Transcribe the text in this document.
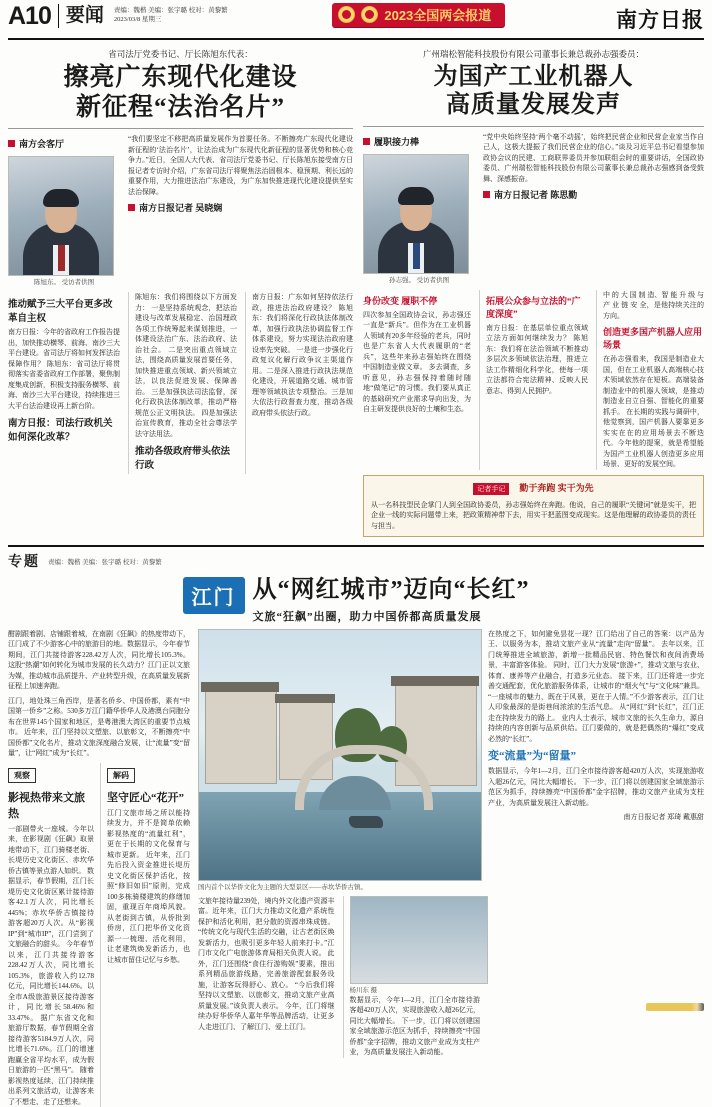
A10 要闻 责编：魏楷 美编：张宇璐 校对：黄黎繁
2023/03/8 星期三	2023全国两会报道	南方日报
省司法厅党委书记、厅长陈旭东代表：
擦亮广东现代化建设
新征程“法治名片”
南方会客厅
陈旭东。 受访者供图
“我们要坚定不移把高质量发展作为首要任务。不断擦亮广东现代化建设新征程的‘法治名片’，让法治成为广东现代化新征程的显著优势和核心竞争力。”近日，全国人大代表、省司法厅党委书记、厅长陈旭东接受南方日报记者专访时介绍，广东省司法厅将聚焦法治固根本、稳预期、利长远的重要作用，大力推进法治广东建设，为广东加快推进现代化建设提供坚实法治保障。
南方日报记者 吴晓娴
推动赋予三大平台更多改革自主权
南方日报：今年的省政府工作报告提出，加快推动横琴、前海、南沙三大平台建设。省司法厅将如何发挥法治保障作用？ 陈旭东：省司法厅将贯彻落实省委省政府工作部署，聚焦制度集成创新，积极支持服务横琴、前海、南沙三大平台建设，持续推进三大平台法治建设再上新台阶。
南方日报：司法行政机关如何深化改革？
陈旭东：我们将围绕以下方面发力： 一是坚持系统观念，把法治建设与改革发展稳定、治国理政各项工作统筹起来谋划推进，一体建设法治广东、法治政府、法治社会。 二是突出重点领域立法，围绕高质量发展首要任务，加快推进重点领域、新兴领域立法，以良法促进发展、保障善治。 三是加强执法司法监督，深化行政执法体制改革，推动严格规范公正文明执法。 四是加强法治宣传教育，推动全社会尊法学法守法用法。
推动各级政府带头依法行政
南方日报：广东如何坚持依法行政，推进法治政府建设？ 陈旭东：我们将深化行政执法体制改革，加强行政执法协调监督工作体系建设，努力实现法治政府建设率先突破。 一是进一步强化行政复议化解行政争议主渠道作用。二是深入推进行政执法规范化建设，开展道路交通、城市管理等领域执法专项整治。三是加大依法行政督查力度，推动各级政府带头依法行政。
广州瑞松智能科技股份有限公司董事长兼总裁孙志强委员：
为国产工业机器人
高质量发展发声
履职接力棒
孙志强。 受访者供图
“党中央始终坚持‘两个毫不动摇’，始终把民营企业和民营企业家当作自己人，这极大提振了我们民营企业的信心。”谈及习近平总书记看望参加政协会议的民建、工商联界委员并参加联组会时的重要讲话，全国政协委员、广州瑞松智能科技股份有限公司董事长兼总裁孙志强感到备受鼓舞、深感振奋。
南方日报记者 陈思勤
身份改变 履职不停
四次参加全国政协会议，孙志强还一直是“新兵”。但作为在工业机器人领域有20多年经验的老兵，同时也是广东省人大代表履职的“老兵”，这些年来孙志强始终在围绕中国制造业做文章。 多去调查，多听意见，孙志强保持着随时随地“做笔记”的习惯。我们要从真正的基础研究产业需求导向出发，为自主研发提供良好的土壤和生态。
拓展公众参与立法的“广度深度”
南方日报：在基层单位重点领域立法方面如何继续发力？ 陈旭东：我们将在法治领域不断推动多层次多领域依法治理，推进立法工作精细化科学化，使每一项立法都符合宪法精神、反映人民意志、得到人民拥护。
中 的 大 国 制 造、智 能 升 级 与 产 业 链 安 全，是他持续关注的方向。
创造更多国产机器人应用场景
在孙志强看来，我国是制造业大国，但在工业机器人高端核心技术领域依然存在短板。高端装备制造业中的机器人领域，是推动制造业自立自强、智能化的重要抓手。 在长期的实践与调研中，他觉察到，国产机器人要靠更多实实在在的应用场景去不断迭代。今年他的提案，就是希望能为国产工业机器人创造更多应用场景、更好的发展空间。
记者手记	勤于奔跑 实干为先
从一名科技型民企掌门人到全国政协委员，孙志强始终在奔跑。他说，自己的履职“关键词”就是实干，把企业一线的实际问题带上来，把政策精神带下去，用实干把蓝图变成现实。这是他理解的政协委员的责任与担当。
专题 责编：魏楷 美编：张宇璐 校对：黄黎繁
江门 从“网红城市”迈向“长红”
文旅“狂飙”出圈，助力中国侨都高质量发展
酣剧跟着剧、店铺跟着城，在南剧《狂飙》的热度带动下，江门成了不少游客心中的旅游目的地。数据显示，今年春节期间，江门共接待游客228.42万人次，同比增长105.3%。 这股“热潮”如何转化为城市发展的长久动力？江门正以文旅为媒，推动城市品质提升、产业转型升级，在高质量发展新征程上加速奔跑。
江门，地处珠三角西岸，是著名侨乡、中国侨都，素有“中国第一侨乡”之称。530多万江门籍华侨华人及港澳台同胞分布在世界145个国家和地区，是粤港澳大湾区的重要节点城市。 近年来，江门坚持以文塑旅、以旅彰文，不断擦亮“中国侨都”文化名片，推动文旅深度融合发展，让“流量”变“留量”，让“网红”成为“长红”。
观察
影视热带来文旅热
一部剧带火一座城。今年以来，在影视剧《狂飙》取景地带动下，江门骑楼老街、长堤历史文化街区、赤坎华侨古镇等景点游人如织。 数据显示，春节假期，江门长堤历史文化街区累计接待游客42.1万人次，同比增长445%；赤坎华侨古镇接待游客超20万人次。从“影视IP”到“城市IP”，江门尝到了文旅融合的甜头。 今年春节以来，江门共接待游客228.42万人次，同比增长105.3%，旅游收入约12.78亿元，同比增长144.6%。以全市A级旅游景区接待游客计，同比增长58.46%和33.47%。 据广东省文化和旅游厅数据，春节假期全省接待游客5184.9万人次，同比增长71.6%。江门的增速跑赢全省平均水平，成为假日旅游的一匹“黑马”。 随着影视热度延续，江门持续推出系列文旅活动，让游客来了不想走、走了还想来。
解码
坚守匠心“花开”
江门文旅市场之所以能持续发力，并不是简单依赖影视热度的“流量红利”，更在于长期的文化保育与城市更新。 近年来，江门先后投入资金推进长堤历史文化街区保护活化，按照“修旧如旧”原则，完成100多栋骑楼建筑的修缮加固，重现百年商埠风貌。 从老街到古镇，从侨批到侨房，江门把华侨文化资源一一梳理、活化利用，让老建筑焕发新活力，也让城市留住记忆与乡愁。
国内首个以华侨文化为主题的大型景区——赤坎华侨古镇。
文旅年接待量239处，境内外文化遗产资源丰富。近年来，江门大力推动文化遗产系统性保护和活化利用，把分散的资源串珠成链。 “传统文化与现代生活的交融，让古老街区焕发新活力，也吸引更多年轻人前来打卡。”江门市文化广电旅游体育局相关负责人说。 此外，江门还围绕“食住行游购娱”要素，推出系列精品旅游线路，完善旅游配套服务设施，让游客玩得舒心、放心。 “今后我们将坚持以文塑旅、以旅彰文，推动文旅产业高质量发展。”该负责人表示。 今年，江门将继续办好华侨华人嘉年华等品牌活动，让更多人走进江门、了解江门、爱上江门。
杨川东 摄
数据显示，今年1—2月，江门全市接待游客超420万人次，实现旅游收入超26亿元，同比大幅增长。 下一步，江门将以创建国家全域旅游示范区为抓手，持续擦亮“中国侨都”金字招牌，推动文旅产业成为支柱产业，为高质量发展注入新动能。
在热度之下，如何避免昙花一现？江门给出了自己的答案：以产品为王、以服务为本，推动文旅产业从“流量”走向“留量”。 去年以来，江门统筹推进全域旅游，新增一批精品民宿、特色餐饮和夜间消费场景，丰富游客体验。 同时，江门大力发展“旅游+”，推动文旅与农业、体育、康养等产业融合，打造多元业态。 接下来，江门还将进一步完善交通配套，优化旅游服务体系，让城市的“烟火气”与“文化味”兼具。 “一座城市的魅力，既在于风景，更在于人情。”不少游客表示，江门让人印象最深的是街巷间浓浓的生活气息。 从“网红”到“长红”，江门正走在持续发力的路上。 业内人士表示，城市文旅的长久生命力，源自持续的内容创新与品质供给。江门要做的，就是把偶然的“爆红”变成必然的“长红”。
变“流量”为“留量”
数据显示，今年1—2月，江门全市接待游客超420万人次，实现旅游收入超26亿元，同比大幅增长。 下一步，江门将以创建国家全域旅游示范区为抓手，持续擦亮“中国侨都”金字招牌，推动文旅产业成为支柱产业，为高质量发展注入新动能。
南方日报记者 郑琦 戴惠甜
